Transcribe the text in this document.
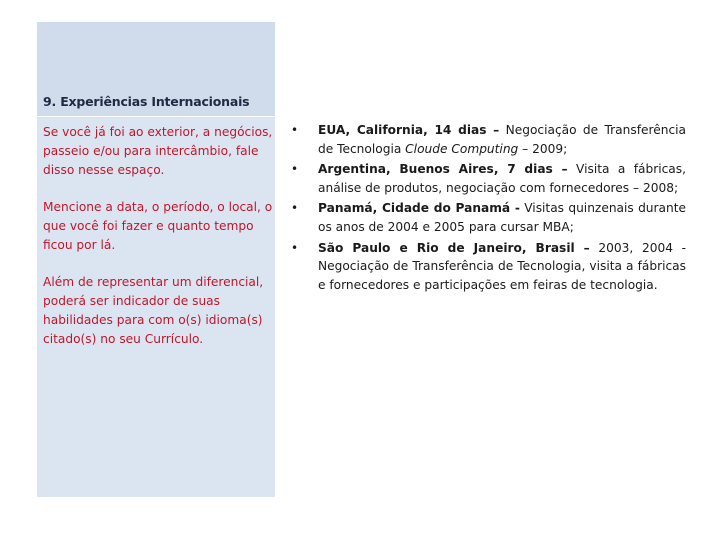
9. Experiências Internacionais

Se você já foi ao exterior, a negócios, passeio e/ou para intercâmbio, fale disso nesse espaço.

Mencione a data, o período, o local, o que você foi fazer e quanto tempo ficou por lá.

Além de representar um diferencial, poderá ser indicador de suas habilidades para com o(s) idioma(s) citado(s) no seu Currículo.

• EUA, California, 14 dias – Negociação de Transferência de Tecnologia Cloude Computing – 2009;
• Argentina, Buenos Aires, 7 dias – Visita a fábricas, análise de produtos, negociação com fornecedores – 2008;
• Panamá, Cidade do Panamá - Visitas quinzenais durante os anos de 2004 e 2005 para cursar MBA;
• São Paulo e Rio de Janeiro, Brasil – 2003, 2004 - Negociação de Transferência de Tecnologia, visita a fábricas e fornecedores e participações em feiras de tecnologia.
